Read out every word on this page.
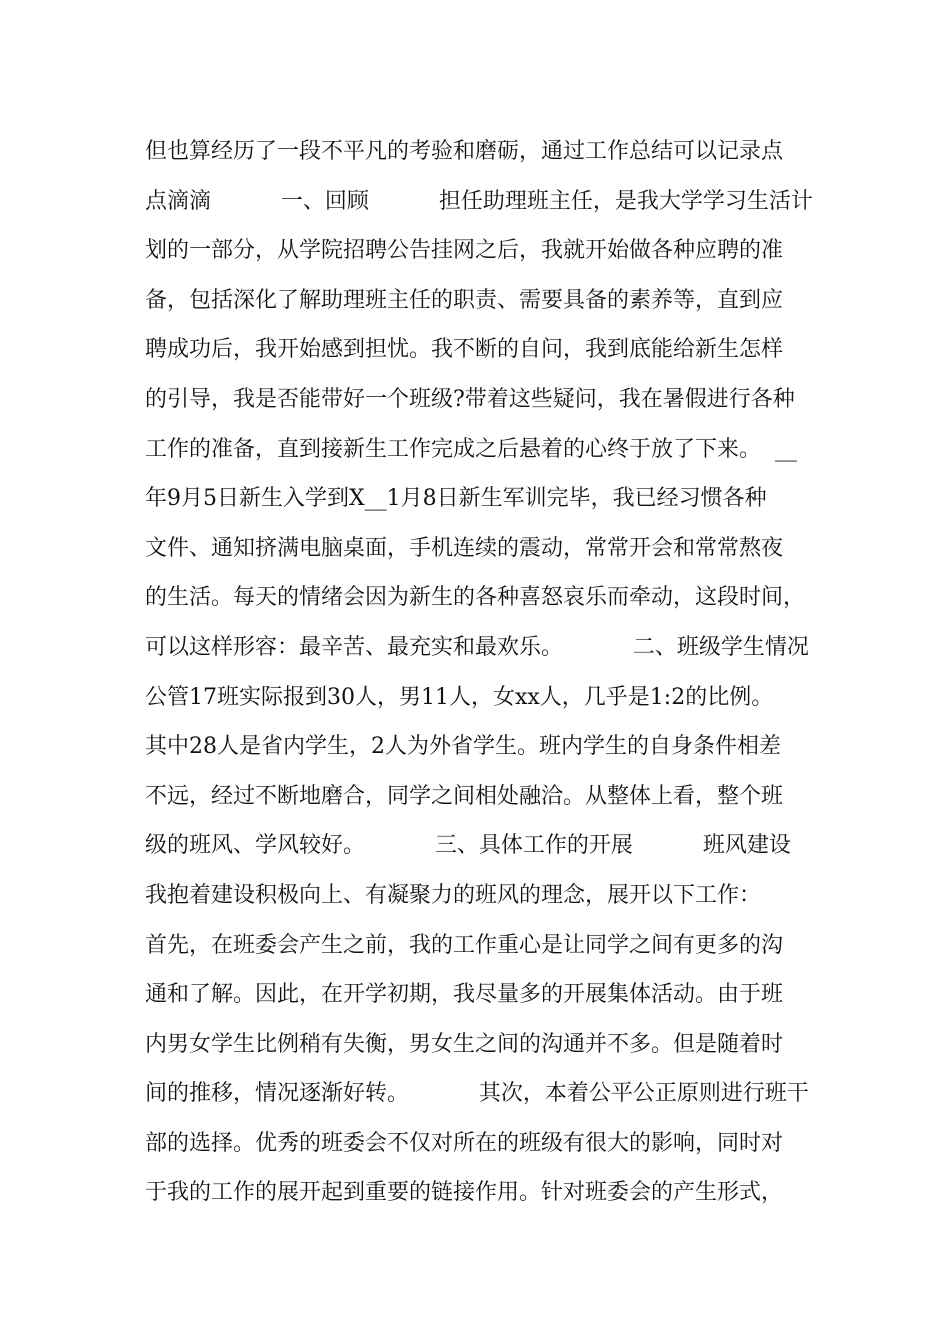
但也算经历了一段不平凡的考验和磨砺，通过工作总结可以记录点
点滴滴          一、回顾          担任助理班主任，是我大学学习生活计
划的一部分，从学院招聘公告挂网之后，我就开始做各种应聘的准
备，包括深化了解助理班主任的职责、需要具备的素养等，直到应
聘成功后，我开始感到担忧。我不断的自问，我到底能给新生怎样
的引导，我是否能带好一个班级?带着这些疑问，我在暑假进行各种
工作的准备，直到接新生工作完成之后悬着的心终于放了下来。  __
年9月5日新生入学到X__1月8日新生军训完毕，我已经习惯各种
文件、通知挤满电脑桌面，手机连续的震动，常常开会和常常熬夜
的生活。每天的情绪会因为新生的各种喜怒哀乐而牵动，这段时间，
可以这样形容：最辛苦、最充实和最欢乐。          二、班级学生情况
公管17班实际报到30人，男11人，女xx人，几乎是1:2的比例。
其中28人是省内学生，2人为外省学生。班内学生的自身条件相差
不远，经过不断地磨合，同学之间相处融洽。从整体上看，整个班
级的班风、学风较好。          三、具体工作的开展          班风建设
我抱着建设积极向上、有凝聚力的班风的理念，展开以下工作：
首先，在班委会产生之前，我的工作重心是让同学之间有更多的沟
通和了解。因此，在开学初期，我尽量多的开展集体活动。由于班
内男女学生比例稍有失衡，男女生之间的沟通并不多。但是随着时
间的推移，情况逐渐好转。          其次，本着公平公正原则进行班干
部的选择。优秀的班委会不仅对所在的班级有很大的影响，同时对
于我的工作的展开起到重要的链接作用。针对班委会的产生形式，
